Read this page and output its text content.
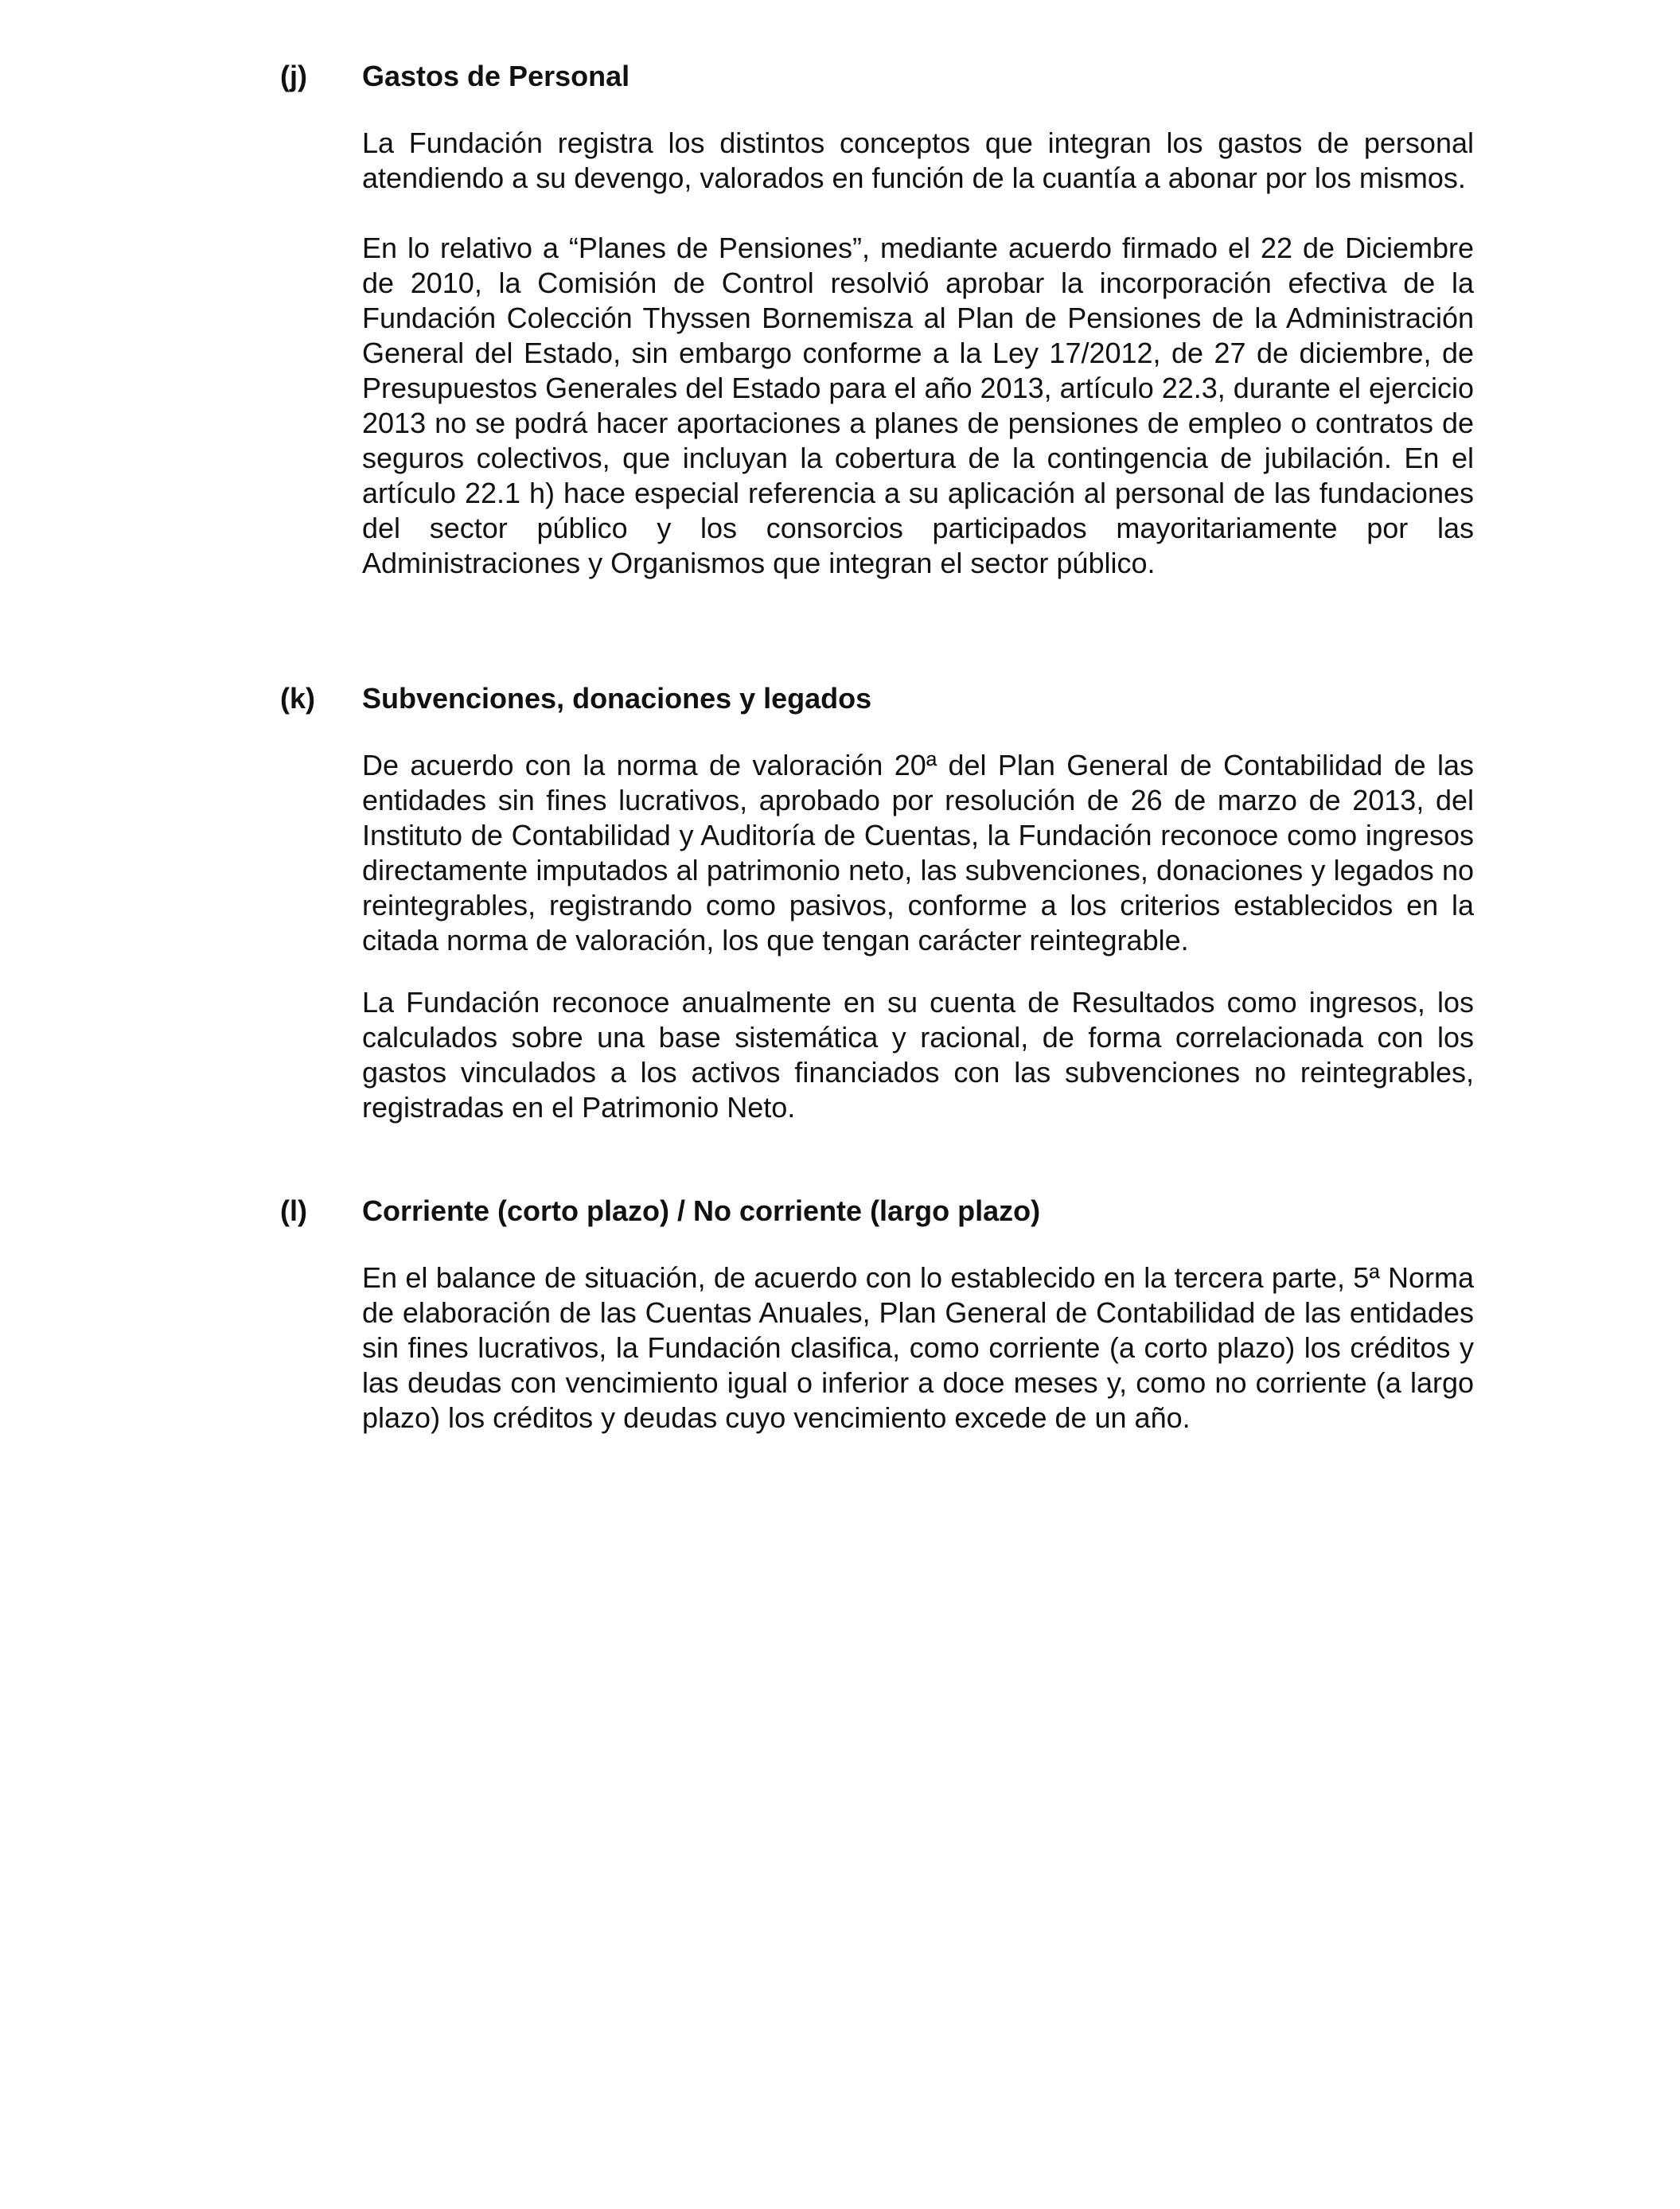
(j) Gastos de Personal

La Fundación registra los distintos conceptos que integran los gastos de personal atendiendo a su devengo, valorados en función de la cuantía a abonar por los mismos.

En lo relativo a “Planes de Pensiones”, mediante acuerdo firmado el 22 de Diciembre de 2010, la Comisión de Control resolvió aprobar la incorporación efectiva de la Fundación Colección Thyssen Bornemisza al Plan de Pensiones de la Administración General del Estado, sin embargo conforme a la Ley 17/2012, de 27 de diciembre, de Presupuestos Generales del Estado para el año 2013, artículo 22.3, durante el ejercicio 2013 no se podrá hacer aportaciones a planes de pensiones de empleo o contratos de seguros colectivos, que incluyan la cobertura de la contingencia de jubilación. En el artículo 22.1 h) hace especial referencia a su aplicación al personal de las fundaciones del sector público y los consorcios participados mayoritariamente por las Administraciones y Organismos que integran el sector público.

(k) Subvenciones, donaciones y legados

De acuerdo con la norma de valoración 20ª del Plan General de Contabilidad de las entidades sin fines lucrativos, aprobado por resolución de 26 de marzo de 2013, del Instituto de Contabilidad y Auditoría de Cuentas, la Fundación reconoce como ingresos directamente imputados al patrimonio neto, las subvenciones, donaciones y legados no reintegrables, registrando como pasivos, conforme a los criterios establecidos en la citada norma de valoración, los que tengan carácter reintegrable.

La Fundación reconoce anualmente en su cuenta de Resultados como ingresos, los calculados sobre una base sistemática y racional, de forma correlacionada con los gastos vinculados a los activos financiados con las subvenciones no reintegrables, registradas en el Patrimonio Neto.

(l) Corriente (corto plazo) / No corriente (largo plazo)

En el balance de situación, de acuerdo con lo establecido en la tercera parte, 5ª Norma de elaboración de las Cuentas Anuales, Plan General de Contabilidad de las entidades sin fines lucrativos, la Fundación clasifica, como corriente (a corto plazo) los créditos y las deudas con vencimiento igual o inferior a doce meses y, como no corriente (a largo plazo) los créditos y deudas cuyo vencimiento excede de un año.
